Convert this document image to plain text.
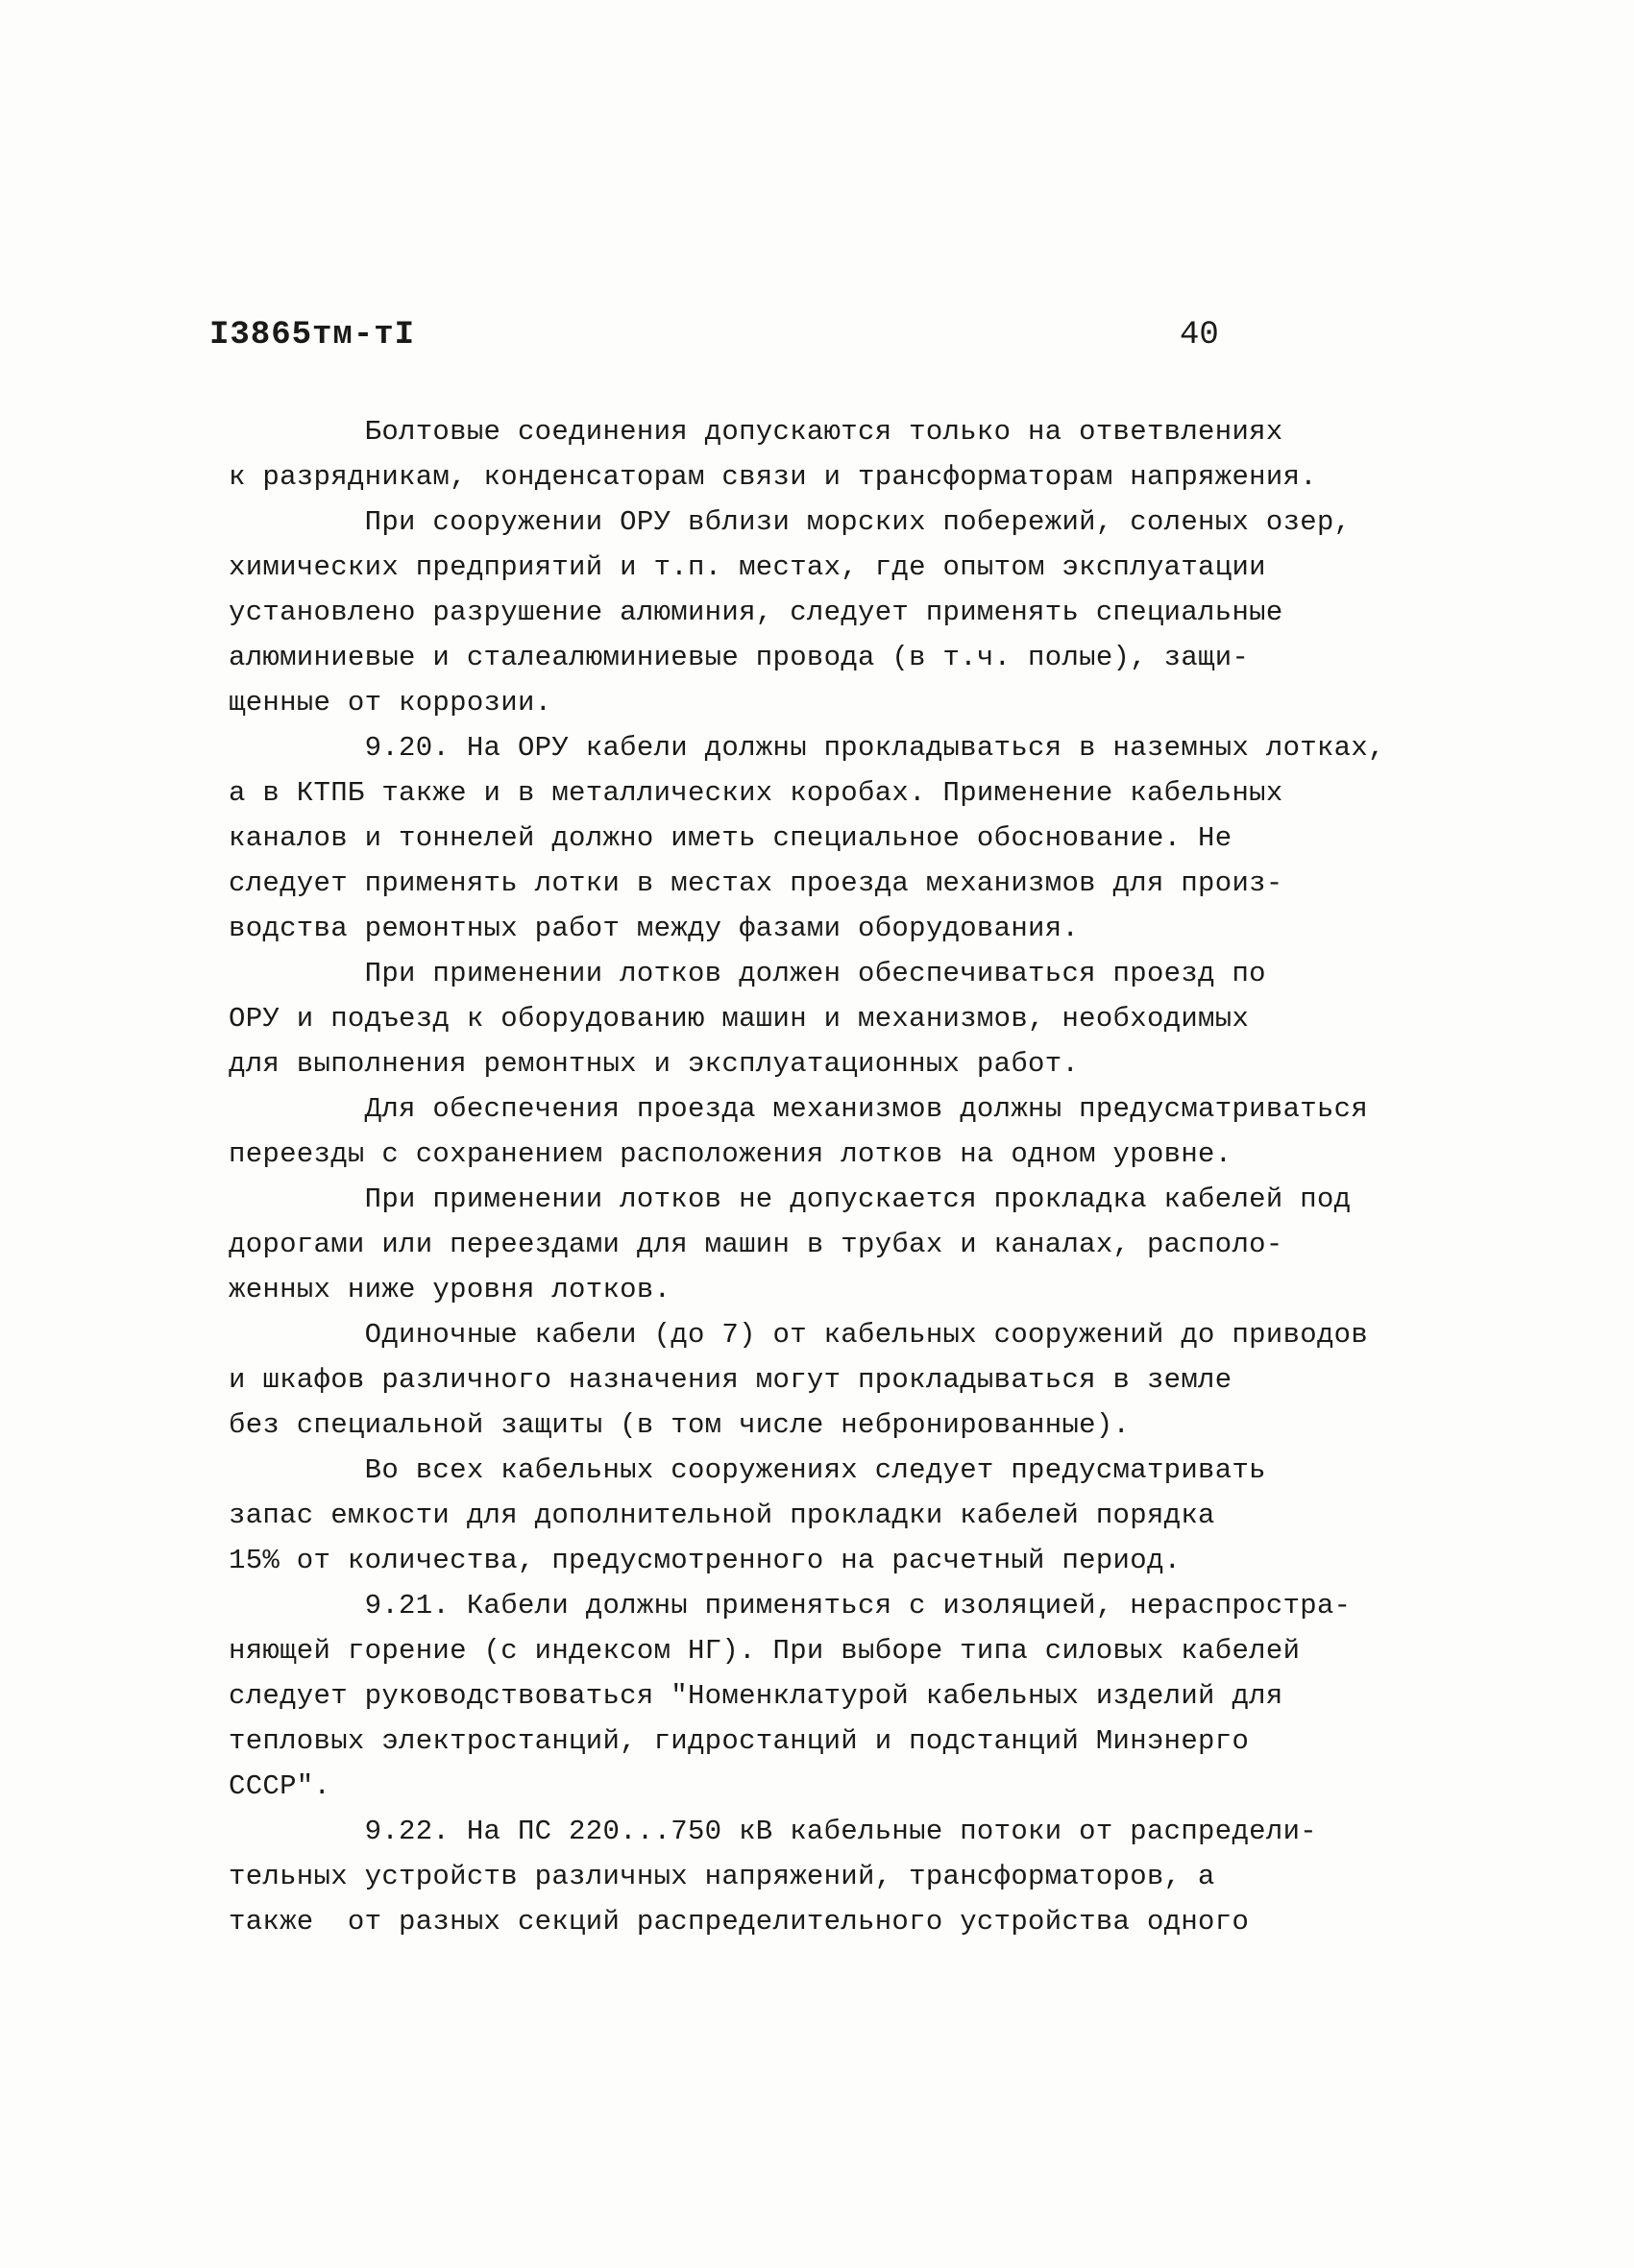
I3865тм-тI	40
Болтовые соединения допускаются только на ответвлениях
к разрядникам, конденсаторам связи и трансформаторам напряжения.
При сооружении ОРУ вблизи морских побережий, соленых озер,
химических предприятий и т.п. местах, где опытом эксплуатации
установлено разрушение алюминия, следует применять специальные
алюминиевые и сталеалюминиевые провода (в т.ч. полые), защи-
щенные от коррозии.
9.20. На ОРУ кабели должны прокладываться в наземных лотках,
а в КТПБ также и в металлических коробах. Применение кабельных
каналов и тоннелей должно иметь специальное обоснование. Не
следует применять лотки в местах проезда механизмов для произ-
водства ремонтных работ между фазами оборудования.
При применении лотков должен обеспечиваться проезд по
ОРУ и подъезд к оборудованию машин и механизмов, необходимых
для выполнения ремонтных и эксплуатационных работ.
Для обеспечения проезда механизмов должны предусматриваться
переезды с сохранением расположения лотков на одном уровне.
При применении лотков не допускается прокладка кабелей под
дорогами или переездами для машин в трубах и каналах, располо-
женных ниже уровня лотков.
Одиночные кабели (до 7) от кабельных сооружений до приводов
и шкафов различного назначения могут прокладываться в земле
без специальной защиты (в том числе небронированные).
Во всех кабельных сооружениях следует предусматривать
запас емкости для дополнительной прокладки кабелей порядка
15% от количества, предусмотренного на расчетный период.
9.21. Кабели должны применяться с изоляцией, нераспростра-
няющей горение (с индексом НГ). При выборе типа силовых кабелей
следует руководствоваться "Номенклатурой кабельных изделий для
тепловых электростанций, гидростанций и подстанций Минэнерго
СССР".
9.22. На ПС 220...750 кВ кабельные потоки от распредели-
тельных устройств различных напряжений, трансформаторов, а
также  от разных секций распределительного устройства одного
